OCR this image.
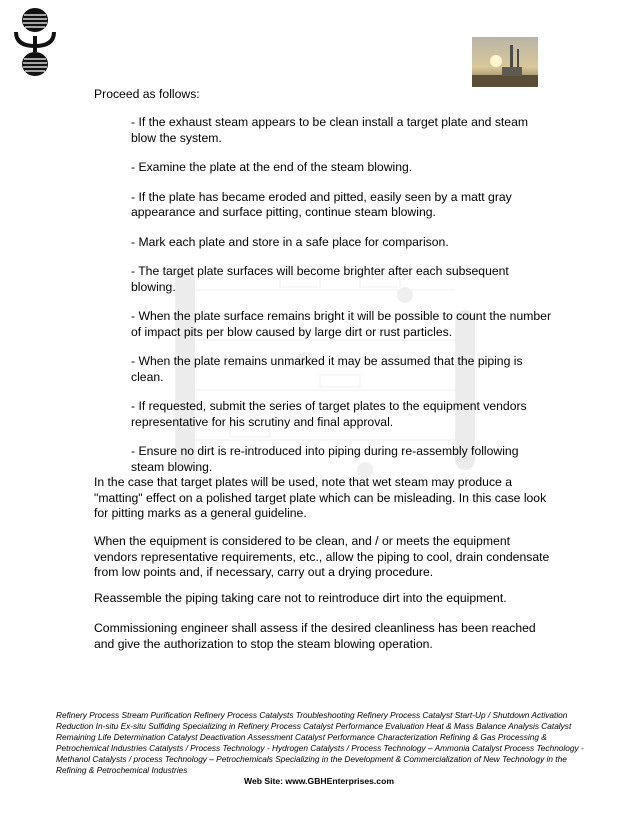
Proceed as follows:

- If the exhaust steam appears to be clean install a target plate and steam blow the system.
- Examine the plate at the end of the steam blowing.
- If the plate has became eroded and pitted, easily seen by a matt gray appearance and surface pitting, continue steam blowing.
- Mark each plate and store in a safe place for comparison.
- The target plate surfaces will become brighter after each subsequent blowing.
- When the plate surface remains bright it will be possible to count the number of impact pits per blow caused by large dirt or rust particles.
- When the plate remains unmarked it may be assumed that the piping is clean.
- If requested, submit the series of target plates to the equipment vendors representative for his scrutiny and final approval.
- Ensure no dirt is re-introduced into piping during re-assembly following steam blowing.

In the case that target plates will be used, note that wet steam may produce a "matting" effect on a polished target plate which can be misleading. In this case look for pitting marks as a general guideline.

When the equipment is considered to be clean, and / or meets the equipment vendors representative requirements, etc., allow the piping to cool, drain condensate from low points and, if necessary, carry out a drying procedure.

Reassemble the piping taking care not to reintroduce dirt into the equipment.

Commissioning engineer shall assess if the desired cleanliness has been reached and give the authorization to stop the steam blowing operation.

Refinery Process Stream Purification Refinery Process Catalysts Troubleshooting Refinery Process Catalyst Start-Up / Shutdown Activation Reduction In-situ Ex-situ Sulfiding Specializing in Refinery Process Catalyst Performance Evaluation Heat & Mass Balance Analysis Catalyst Remaining Life Determination Catalyst Deactivation Assessment Catalyst Performance Characterization Refining & Gas Processing & Petrochemical Industries Catalysts / Process Technology - Hydrogen Catalysts / Process Technology – Ammonia Catalyst Process Technology - Methanol Catalysts / process Technology – Petrochemicals Specializing in the Development & Commercialization of New Technology in the Refining & Petrochemical Industries

Web Site: www.GBHEnterprises.com
